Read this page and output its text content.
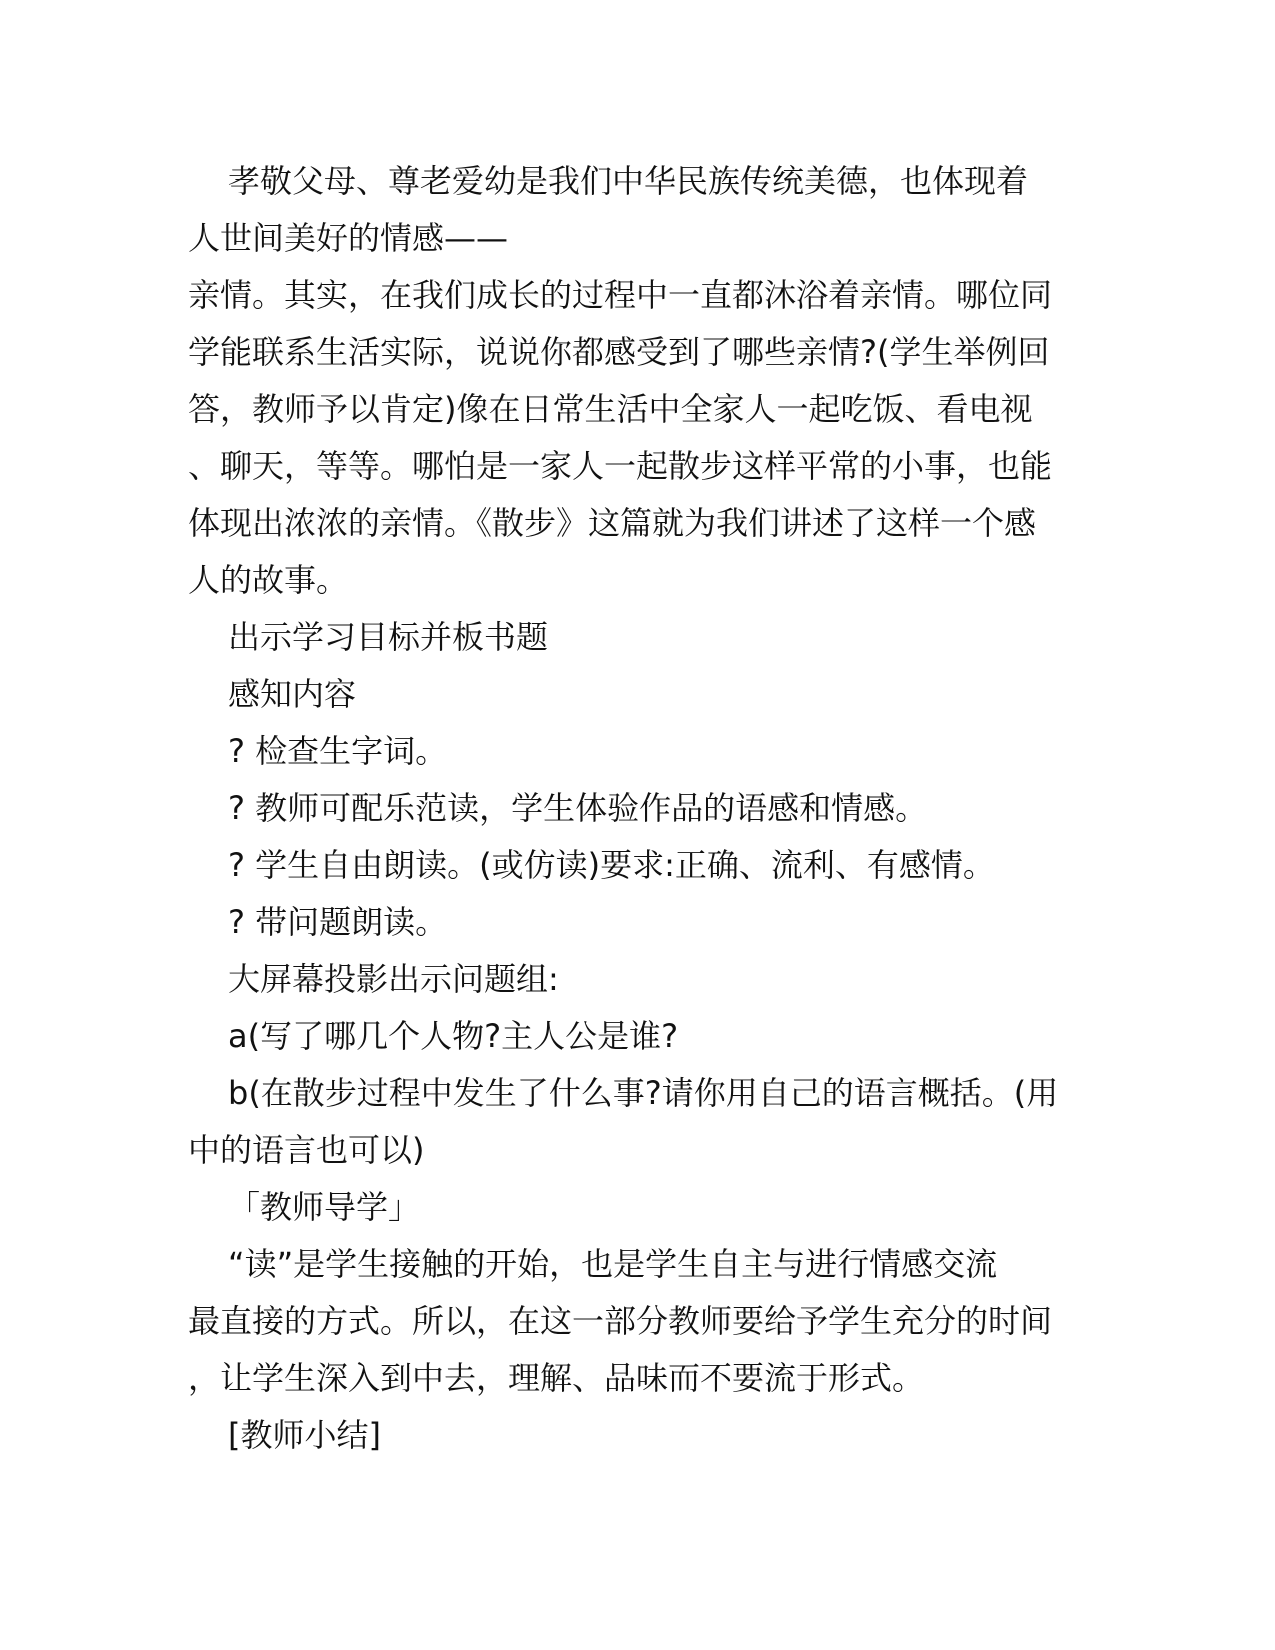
孝敬父母、尊老爱幼是我们中华民族传统美德，也体现着
人世间美好的情感——
亲情。其实，在我们成长的过程中一直都沐浴着亲情。哪位同
学能联系生活实际，说说你都感受到了哪些亲情?(学生举例回
答，教师予以肯定)像在日常生活中全家人一起吃饭、看电视
、聊天，等等。哪怕是一家人一起散步这样平常的小事，也能
体现出浓浓的亲情。《散步》这篇就为我们讲述了这样一个感
人的故事。
出示学习目标并板书题
感知内容
? 检查生字词。
? 教师可配乐范读，学生体验作品的语感和情感。
? 学生自由朗读。(或仿读)要求:正确、流利、有感情。
? 带问题朗读。
大屏幕投影出示问题组:
a(写了哪几个人物?主人公是谁?
b(在散步过程中发生了什么事?请你用自己的语言概括。(用
中的语言也可以)
「教师导学」
“读”是学生接触的开始，也是学生自主与进行情感交流
最直接的方式。所以，在这一部分教师要给予学生充分的时间
，让学生深入到中去，理解、品味而不要流于形式。
[教师小结]
